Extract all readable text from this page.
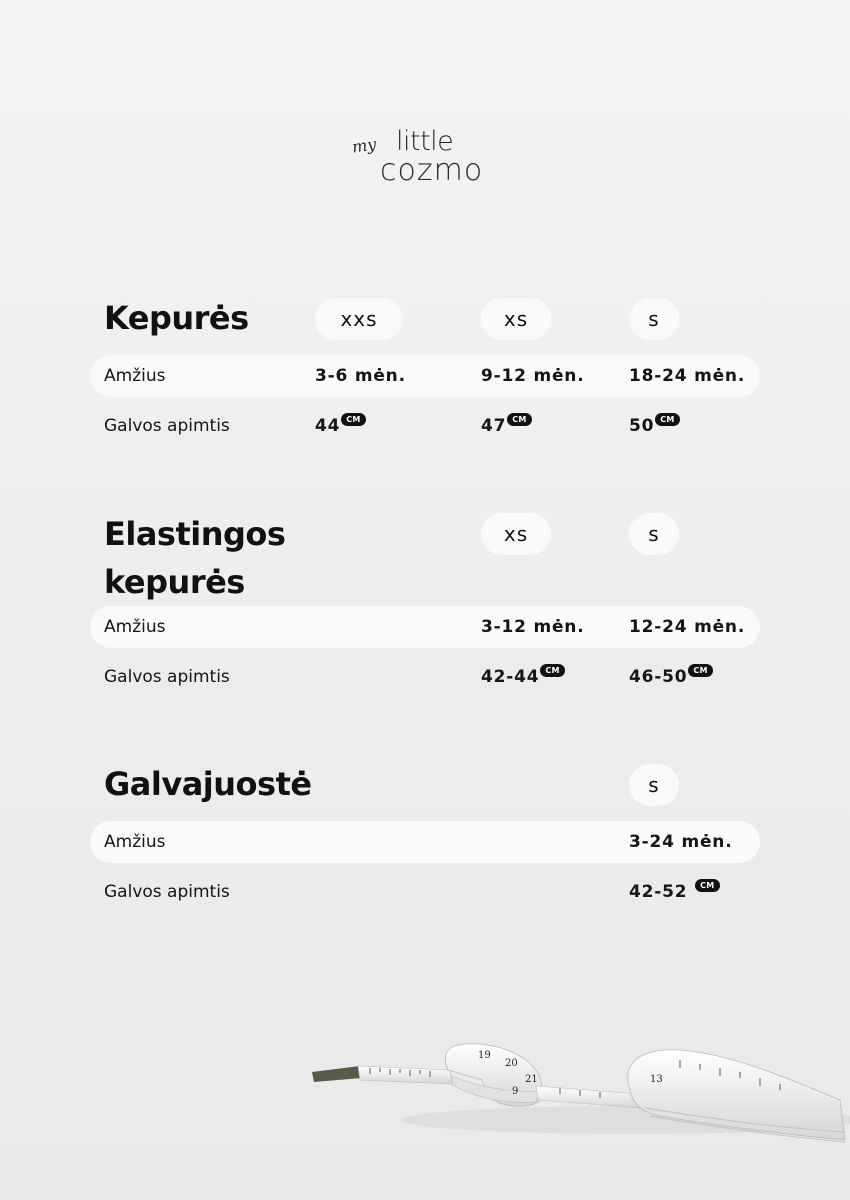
my little
cozmo
Kepurės	xxs	xs	s
Amžius	3-6 mėn.	9-12 mėn.	18-24 mėn.
Galvos apimtis	44 CM	47 CM	50 CM
Elastingos
kepurės
xs	s
Amžius	3-12 mėn.	12-24 mėn.
Galvos apimtis	42-44 CM	46-50 CM
Galvajuostė	s
Amžius	3-24 mėn.
Galvos apimtis	42-52 CM
19
20
21
9
13
